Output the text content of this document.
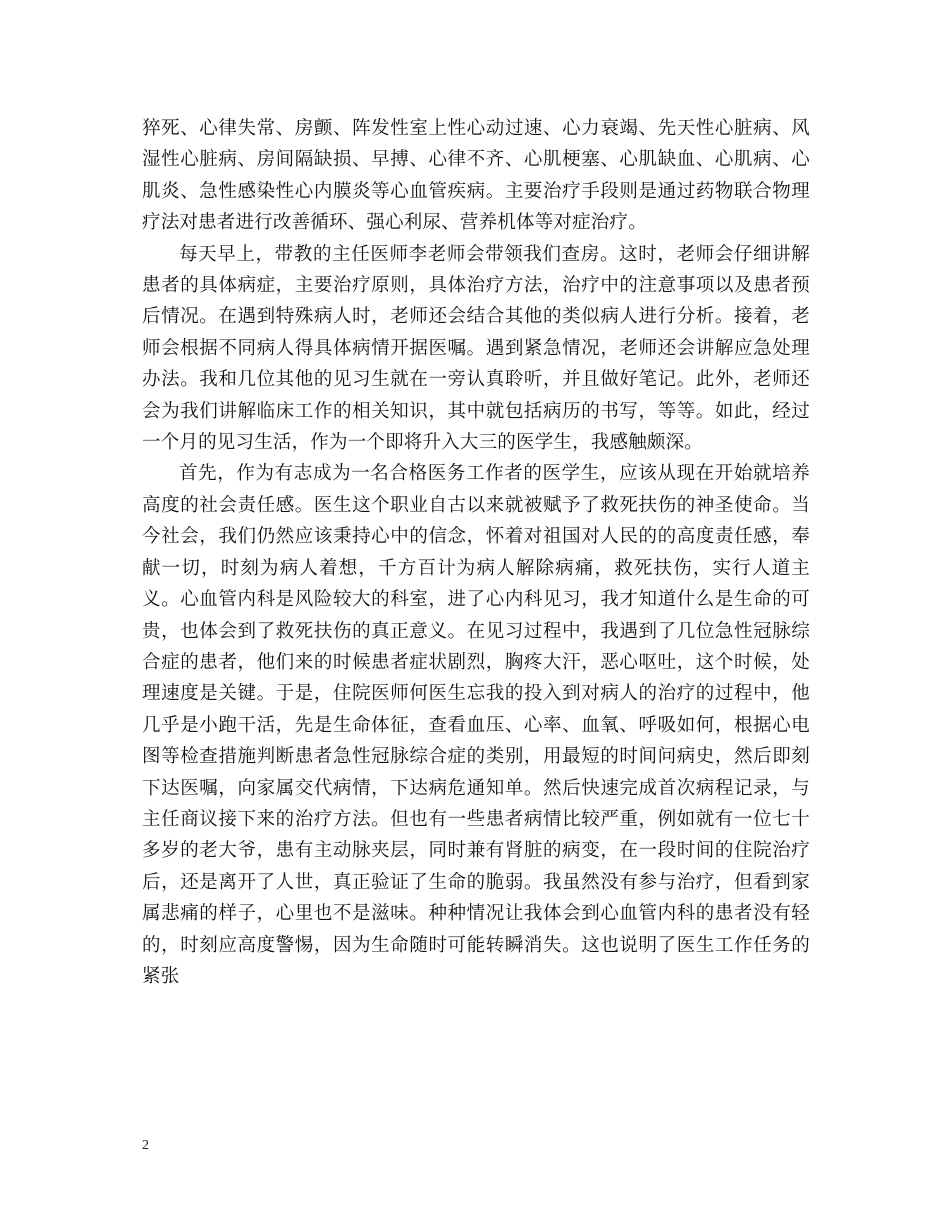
猝死、心律失常、房颤、阵发性室上性心动过速、心力衰竭、先天性心脏病、风湿性心脏病、房间隔缺损、早搏、心律不齐、心肌梗塞、心肌缺血、心肌病、心肌炎、急性感染性心内膜炎等心血管疾病。主要治疗手段则是通过药物联合物理疗法对患者进行改善循环、强心利尿、营养机体等对症治疗。

每天早上，带教的主任医师李老师会带领我们查房。这时，老师会仔细讲解患者的具体病症，主要治疗原则，具体治疗方法，治疗中的注意事项以及患者预后情况。在遇到特殊病人时，老师还会结合其他的类似病人进行分析。接着，老师会根据不同病人得具体病情开据医嘱。遇到紧急情况，老师还会讲解应急处理办法。我和几位其他的见习生就在一旁认真聆听，并且做好笔记。此外，老师还会为我们讲解临床工作的相关知识，其中就包括病历的书写，等等。如此，经过一个月的见习生活，作为一个即将升入大三的医学生，我感触颇深。

首先，作为有志成为一名合格医务工作者的医学生，应该从现在开始就培养高度的社会责任感。医生这个职业自古以来就被赋予了救死扶伤的神圣使命。当今社会，我们仍然应该秉持心中的信念，怀着对祖国对人民的的高度责任感，奉献一切，时刻为病人着想，千方百计为病人解除病痛，救死扶伤，实行人道主义。心血管内科是风险较大的科室，进了心内科见习，我才知道什么是生命的可贵，也体会到了救死扶伤的真正意义。在见习过程中，我遇到了几位急性冠脉综合症的患者，他们来的时候患者症状剧烈，胸疼大汗，恶心呕吐，这个时候，处理速度是关键。于是，住院医师何医生忘我的投入到对病人的治疗的过程中，他几乎是小跑干活，先是生命体征，查看血压、心率、血氧、呼吸如何，根据心电图等检查措施判断患者急性冠脉综合症的类别，用最短的时间问病史，然后即刻下达医嘱，向家属交代病情，下达病危通知单。然后快速完成首次病程记录，与主任商议接下来的治疗方法。但也有一些患者病情比较严重，例如就有一位七十多岁的老大爷，患有主动脉夹层，同时兼有肾脏的病变，在一段时间的住院治疗后，还是离开了人世，真正验证了生命的脆弱。我虽然没有参与治疗，但看到家属悲痛的样子，心里也不是滋味。种种情况让我体会到心血管内科的患者没有轻的，时刻应高度警惕，因为生命随时可能转瞬消失。这也说明了医生工作任务的紧张

2
